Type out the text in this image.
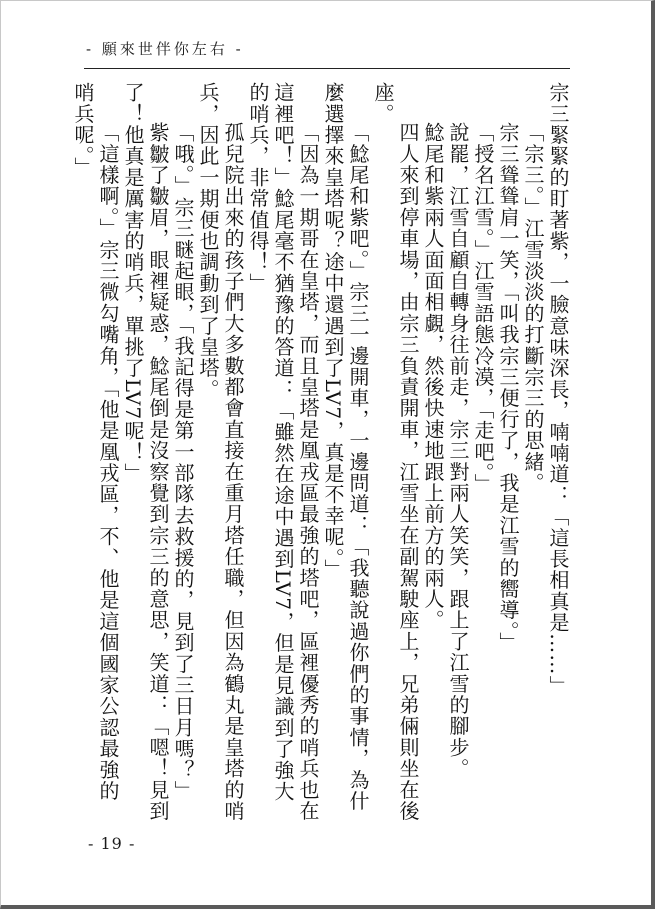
- 願來世伴你左右 -

宗三緊緊的盯著紫，一臉意味深長，喃喃道：「這長相真是……」

「宗三。」江雪淡淡的打斷宗三的思緒。

宗三聳聳肩一笑，「叫我宗三便行了，我是江雪的嚮導。」

「授名江雪。」江雪語態冷漠，「走吧。」

說罷，江雪自顧自轉身往前走，宗三對兩人笑笑，跟上了江雪的腳步。

鯰尾和紫兩人面面相覷，然後快速地跟上前方的兩人。

四人來到停車場，由宗三負責開車，江雪坐在副駕駛座上，兄弟倆則坐在後座。

「鯰尾和紫吧。」宗三一邊開車，一邊問道：「我聽說過你們的事情，為什麼選擇來皇塔呢？途中還遇到了LV7，真是不幸呢。」

「因為一期哥在皇塔，而且皇塔是凰戎區最強的塔吧，區裡優秀的哨兵也在這裡吧！」鯰尾毫不猶豫的答道：「雖然在途中遇到LV7，但是見識到了強大的哨兵，非常值得！」

孤兒院出來的孩子們大多數都會直接在重月塔任職，但因為鶴丸是皇塔的哨兵，因此一期便也調動到了皇塔。

「哦。」宗三瞇起眼，「我記得是第一部隊去救援的，見到了三日月嗎？」

紫皺了皺眉，眼裡疑惑，鯰尾倒是沒察覺到宗三的意思，笑道：「嗯！見到了！他真是厲害的哨兵，單挑了LV7呢！」

「這樣啊。」宗三微勾嘴角，「他是凰戎區，不、他是這個國家公認最強的哨兵呢。」

- 19 -
